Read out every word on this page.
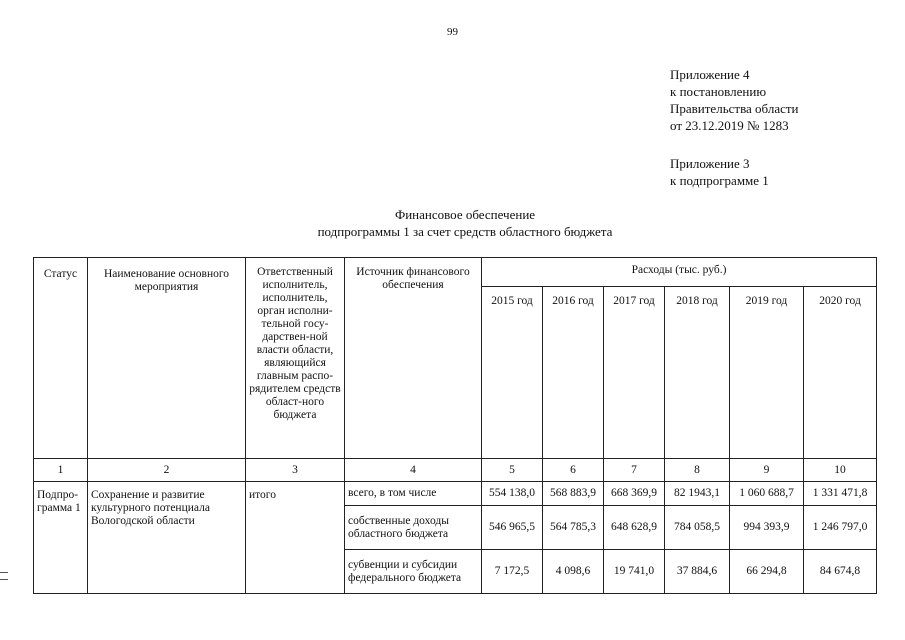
99
Приложение 4
к постановлению
Правительства области
от 23.12.2019 № 1283
Приложение 3
к подпрограмме 1
Финансовое обеспечение
подпрограммы 1 за счет средств областного бюджета
Статус	Наименование основного мероприятия	Ответственный исполнитель, исполнитель, орган исполни-тельной госу-дарствен-ной власти области, являющийся главным распо-рядителем средств област-ного бюджета	Источник финансового обеспечения	Расходы (тыс. руб.)					
				2015 год	2016 год	2017 год	2018 год	2019 год	2020 год
1	2	3	4	5	6	7	8	9	10
Подпро-грамма 1	Сохранение и развитие культурного потенциала Вологодской области	итого	всего, в том числе	554 138,0	568 883,9	668 369,9	82 1943,1	1 060 688,7	1 331 471,8
			собственные доходы областного бюджета	546 965,5	564 785,3	648 628,9	784 058,5	994 393,9	1 246 797,0
			субвенции и субсидии федерального бюджета	7 172,5	4 098,6	19 741,0	37 884,6	66 294,8	84 674,8
